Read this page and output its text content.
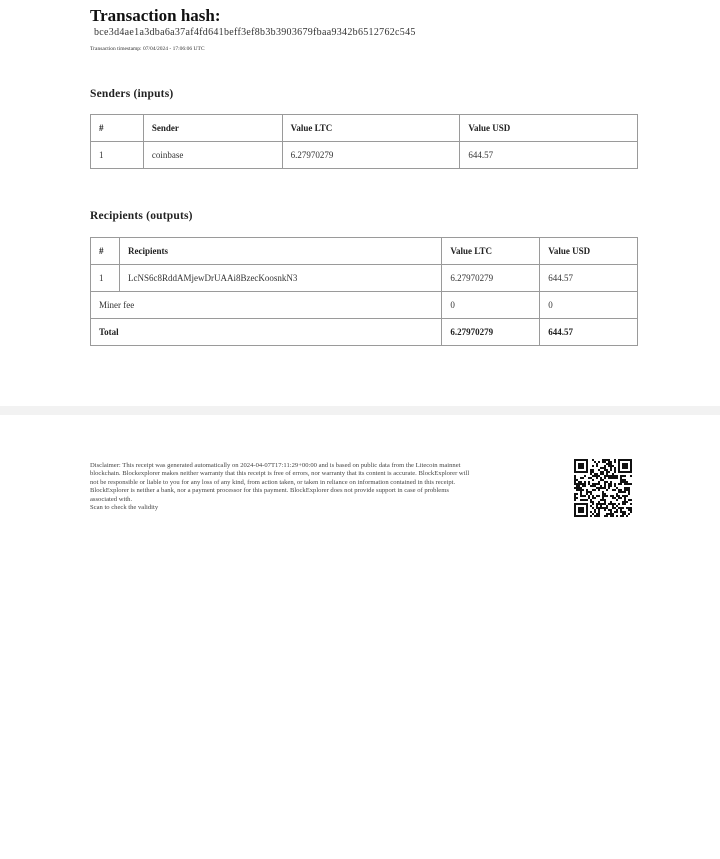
Transaction hash:
bce3d4ae1a3dba6a37af4fd641beff3ef8b3b3903679fbaa9342b6512762c545
Transaction timestamp: 07/04/2024 - 17:06:06 UTC
Senders (inputs)
#	Sender	Value LTC	Value USD
1	coinbase	6.27970279	644.57
Recipients (outputs)
#	Recipients	Value LTC	Value USD
1	LcNS6c8RddAMjewDrUAAi8BzecKoosnkN3	6.27970279	644.57
Miner fee		0	0
Total		6.27970279	644.57
Disclaimer: This receipt was generated automatically on 2024-04-07T17:11:29+00:00 and is based on public data from the Litecoin mainnet blockchain. Blockexplorer makes neither warranty that this receipt is free of errors, nor warranty that its content is accurate. BlockExplorer will not be responsible or liable to you for any loss of any kind, from action taken, or taken in reliance on information contained in this receipt. BlockExplorer is neither a bank, nor a payment processor for this payment. BlockExplorer does not provide support in case of problems associated with.
Scan to check the validity
